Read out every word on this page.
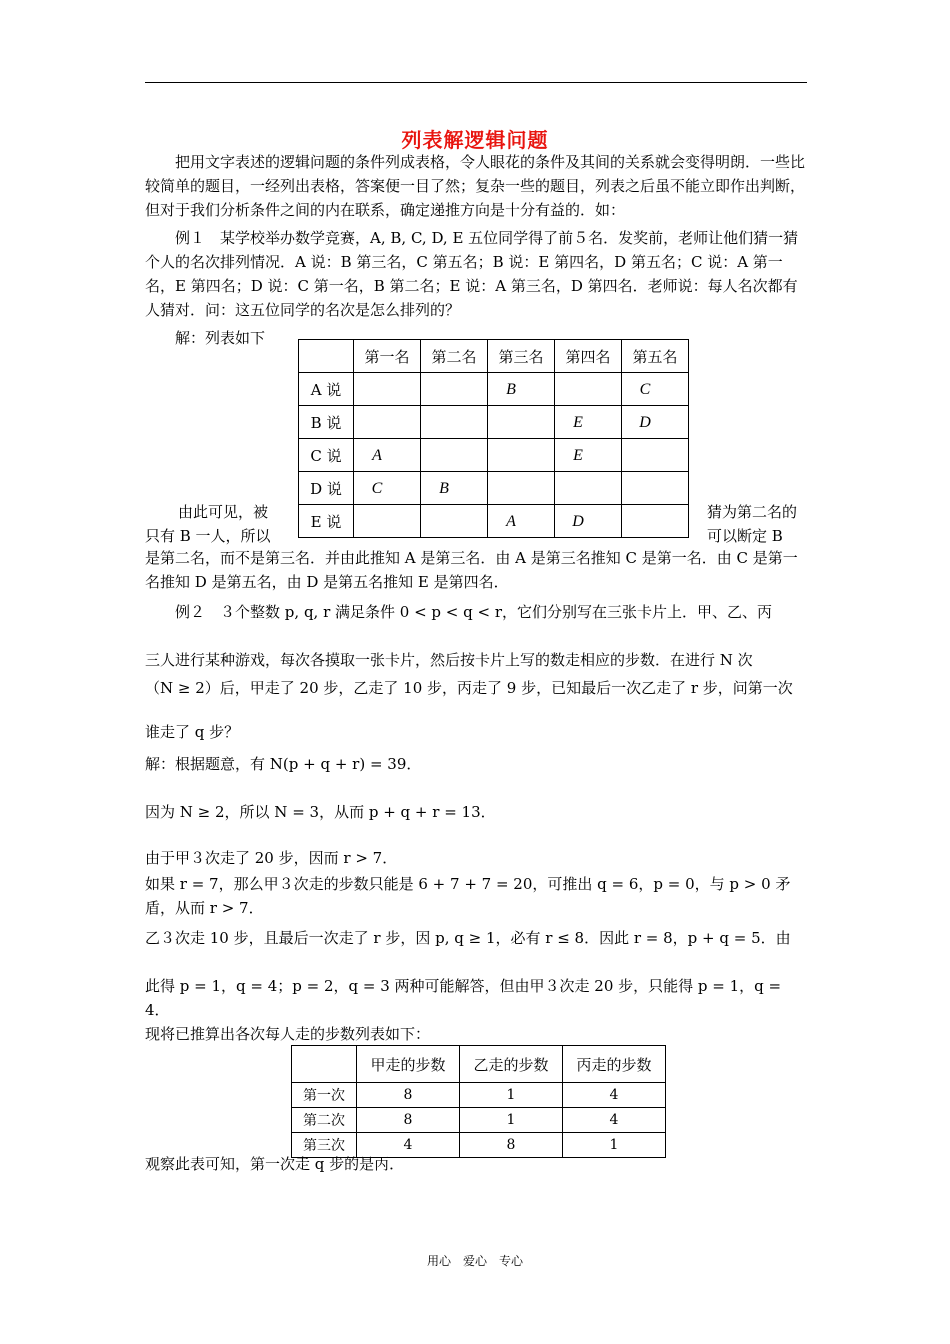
列表解逻辑问题

把用文字表述的逻辑问题的条件列成表格，令人眼花的条件及其间的关系就会变得明朗．一些比较简单的题目，一经列出表格，答案便一目了然；复杂一些的题目，列表之后虽不能立即作出判断，但对于我们分析条件之间的内在联系，确定递推方向是十分有益的．如：

例１　 某学校举办数学竞赛，A, B, C, D, E 五位同学得了前５名．发奖前，老师让他们猜一猜个人的名次排列情况．A 说：B 第三名，C 第五名；B 说：E 第四名，D 第五名；C 说：A 第一名，E 第四名；D 说：C 第一名，B 第二名；E 说：A 第三名，D 第四名．老师说：每人名次都有人猜对．问：这五位同学的名次是怎么排列的？

解：列表如下

	第一名	第二名	第三名	第四名	第五名
A 说			B		C
B 说				E	D
C 说	A			E	
D 说	C	B			
E 说			A	D	
由此可见，被
只有 B 一人，所以
猜为第二名的
可以断定 B

是第二名，而不是第三名．并由此推知 A 是第三名．由 A 是第三名推知 C 是第一名．由 C 是第一名推知 D 是第五名，由 D 是第五名推知 E 是第四名．

例２　 ３个整数 p, q, r 满足条件 0 < p < q < r，它们分别写在三张卡片上．甲、乙、丙

三人进行某种游戏，每次各摸取一张卡片，然后按卡片上写的数走相应的步数．在进行 N 次

（N ≥ 2）后，甲走了 20 步，乙走了 10 步，丙走了 9 步，已知最后一次乙走了 r 步，问第一次

谁走了 q 步？

解：根据题意，有 N(p + q + r) = 39．

因为 N ≥ 2，所以 N = 3，从而 p + q + r = 13．

由于甲３次走了 20 步，因而 r > 7．

如果 r = 7，那么甲３次走的步数只能是 6 + 7 + 7 = 20，可推出 q = 6，p = 0，与 p > 0 矛盾，从而 r > 7．

乙３次走 10 步，且最后一次走了 r 步，因 p, q ≥ 1，必有 r ≤ 8．因此 r = 8，p + q = 5．由

此得 p = 1，q = 4；p = 2，q = 3 两种可能解答，但由甲３次走 20 步，只能得 p = 1，q = 4．

现将已推算出各次每人走的步数列表如下：

	甲走的步数	乙走的步数	丙走的步数
第一次	8	1	4
第二次	8	1	4
第三次	4	8	1

观察此表可知，第一次走 q 步的是丙．

用心　爱心　专心
